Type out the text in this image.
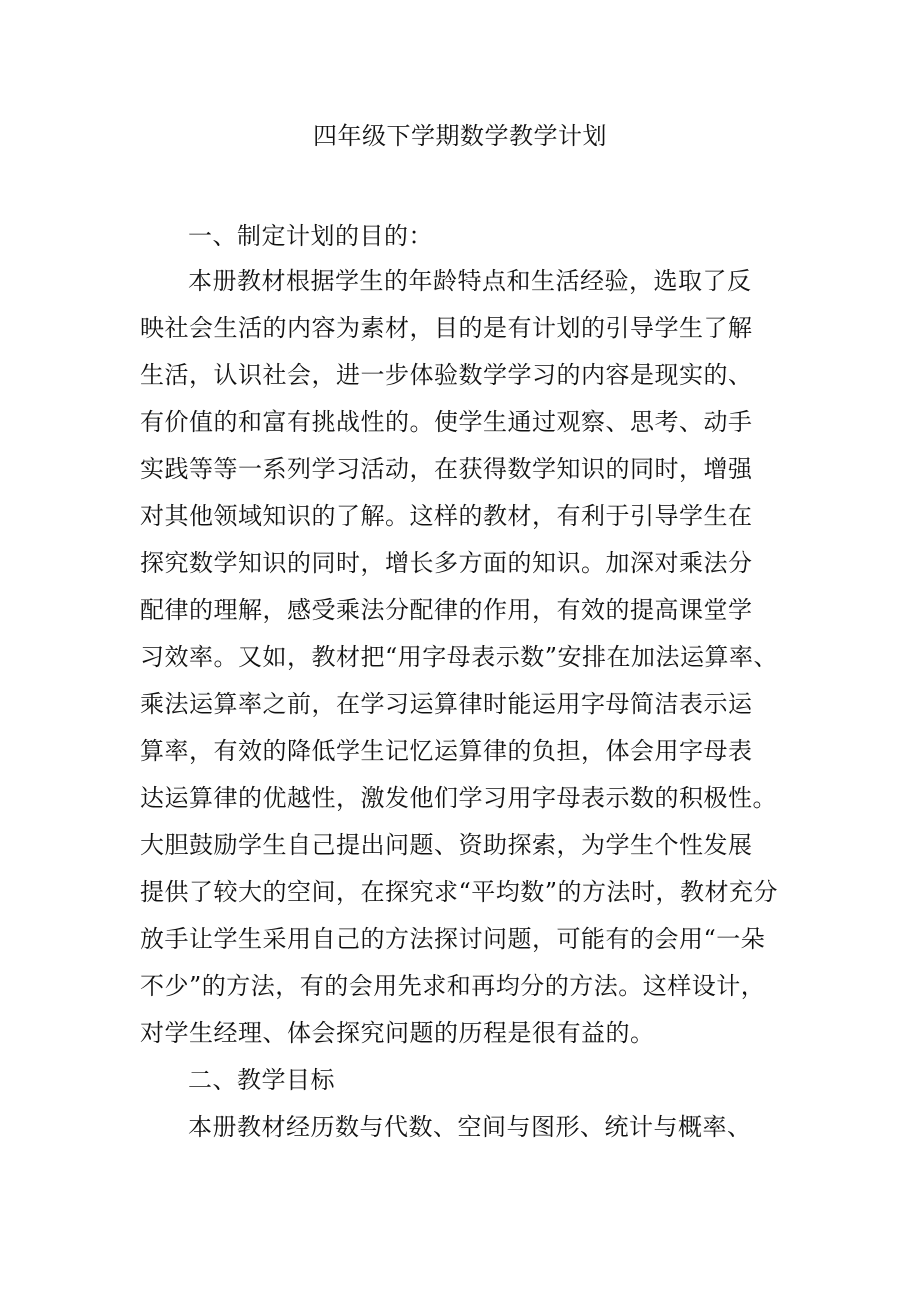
四年级下学期数学教学计划
一、制定计划的目的：
本册教材根据学生的年龄特点和生活经验，选取了反
映社会生活的内容为素材，目的是有计划的引导学生了解
生活，认识社会，进一步体验数学学习的内容是现实的、
有价值的和富有挑战性的。使学生通过观察、思考、动手
实践等等一系列学习活动，在获得数学知识的同时，增强
对其他领域知识的了解。这样的教材，有利于引导学生在
探究数学知识的同时，增长多方面的知识。加深对乘法分
配律的理解，感受乘法分配律的作用，有效的提高课堂学
习效率。又如，教材把“用字母表示数”安排在加法运算率、
乘法运算率之前，在学习运算律时能运用字母简洁表示运
算率，有效的降低学生记忆运算律的负担，体会用字母表
达运算律的优越性，激发他们学习用字母表示数的积极性。
大胆鼓励学生自己提出问题、资助探索，为学生个性发展
提供了较大的空间，在探究求“平均数”的方法时，教材充分
放手让学生采用自己的方法探讨问题，可能有的会用“一朵
不少”的方法，有的会用先求和再均分的方法。这样设计，
对学生经理、体会探究问题的历程是很有益的。
二、教学目标
本册教材经历数与代数、空间与图形、统计与概率、
